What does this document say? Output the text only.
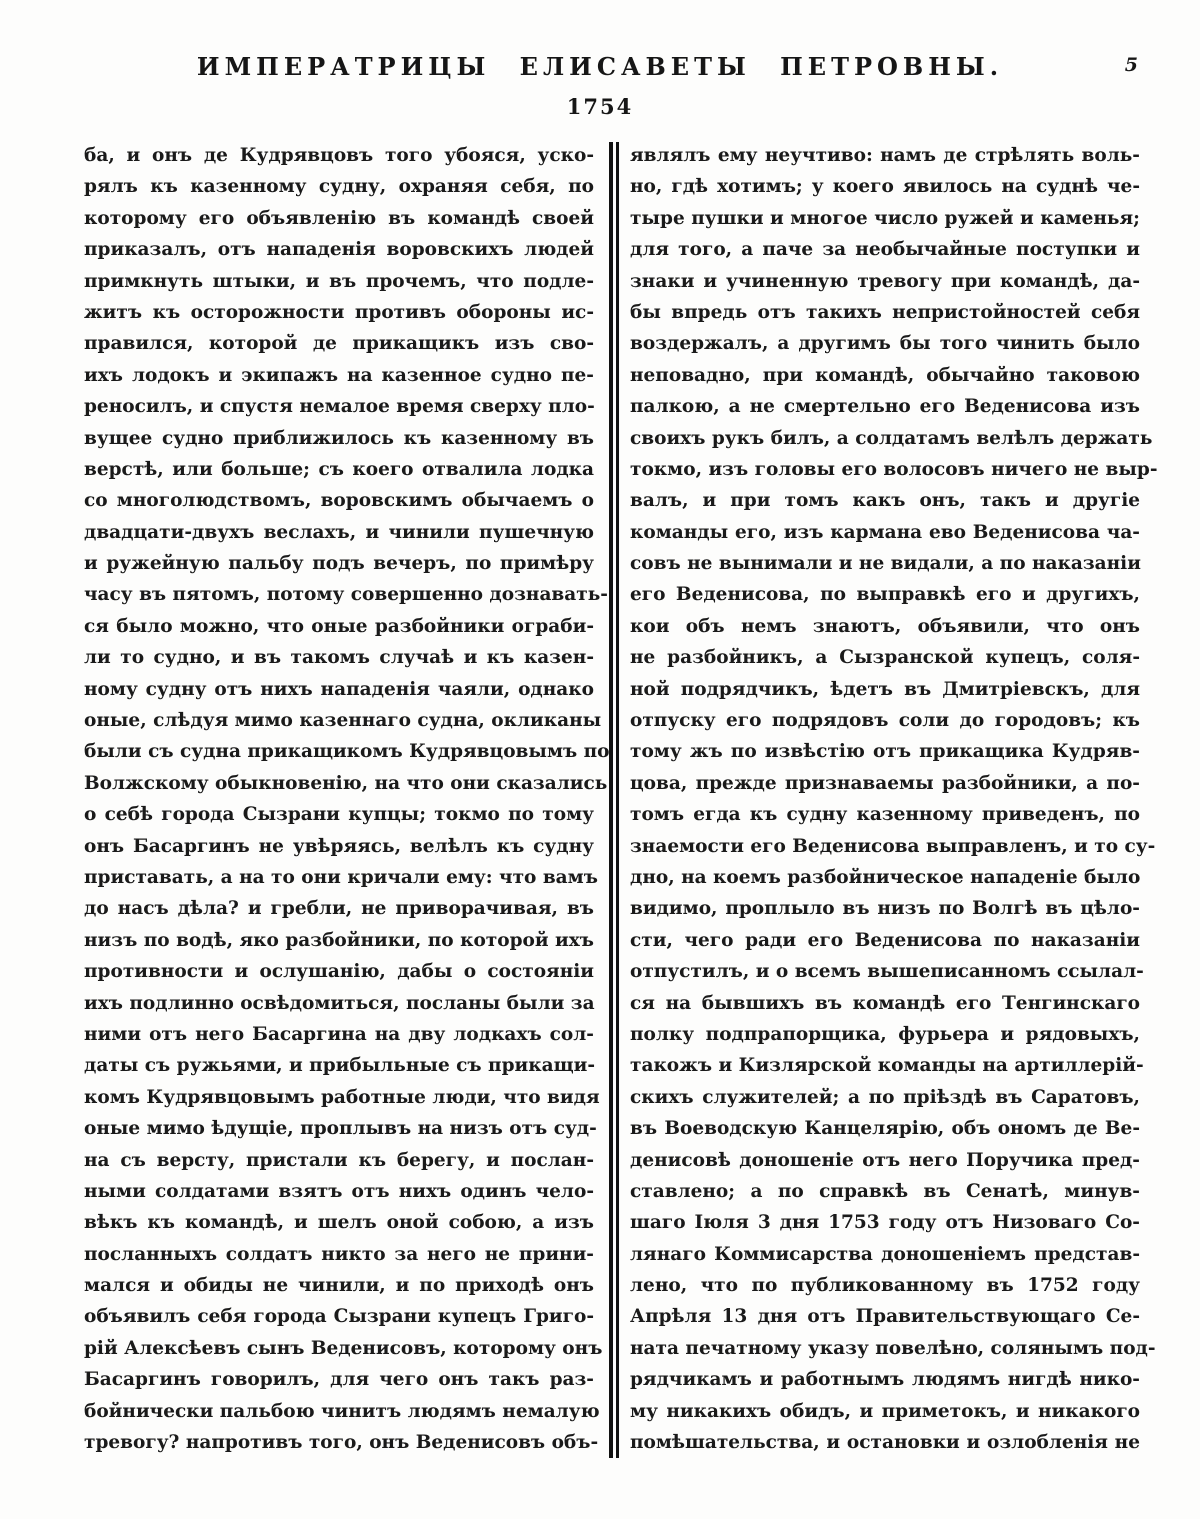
ИМПЕРАТРИЦЫ ЕЛИСАВЕТЫ ПЕТРОВНЫ.	5
1754
ба, и онъ де Кудрявцовъ того убояся, уско-
рялъ къ казенному судну, охраняя себя, по
которому его объявленію въ командѣ своей
приказалъ, отъ нападенія воровскихъ людей
примкнуть штыки, и въ прочемъ, что подле-
житъ къ осторожности противъ обороны ис-
правился, которой де прикащикъ изъ сво-
ихъ лодокъ и экипажъ на казенное судно пе-
реносилъ, и спустя немалое время сверху пло-
вущее судно приближилось къ казенному въ
верстѣ, или больше; съ коего отвалила лодка
со многолюдствомъ, воровскимъ обычаемъ о
двадцати-двухъ веслахъ, и чинили пушечную
и ружейную пальбу подъ вечеръ, по примѣру
часу въ пятомъ, потому совершенно дознавать-
ся было можно, что оные разбойники ограби-
ли то судно, и въ такомъ случаѣ и къ казен-
ному судну отъ нихъ нападенія чаяли, однако
оные, слѣдуя мимо казеннаго судна, окликаны
были съ судна прикащикомъ Кудрявцовымъ по
Волжскому обыкновенію, на что они сказались
о себѣ города Сызрани купцы; токмо по тому
онъ Басаргинъ не увѣряясь, велѣлъ къ судну
приставать, а на то они кричали ему: что вамъ
до насъ дѣла? и гребли, не приворачивая, въ
низъ по водѣ, яко разбойники, по которой ихъ
противности и ослушанію, дабы о состояніи
ихъ подлинно освѣдомиться, посланы были за
ними отъ него Басаргина на дву лодкахъ сол-
даты съ ружьями, и прибыльные съ прикащи-
комъ Кудрявцовымъ работные люди, что видя
оные мимо ѣдущіе, проплывъ на низъ отъ суд-
на съ версту, пристали къ берегу, и послан-
ными солдатами взятъ отъ нихъ одинъ чело-
вѣкъ къ командѣ, и шелъ оной собою, а изъ
посланныхъ солдатъ никто за него не прини-
мался и обиды не чинили, и по приходѣ онъ
объявилъ себя города Сызрани купецъ Григо-
рій Алексѣевъ сынъ Веденисовъ, которому онъ
Басаргинъ говорилъ, для чего онъ такъ раз-
бойнически пальбою чинитъ людямъ немалую
тревогу? напротивъ того, онъ Веденисовъ объ-
являлъ ему неучтиво: намъ де стрѣлять воль-
но, гдѣ хотимъ; у коего явилось на суднѣ че-
тыре пушки и многое число ружей и каменья;
для того, а паче за необычайные поступки и
знаки и учиненную тревогу при командѣ, да-
бы впредь отъ такихъ непристойностей себя
воздержалъ, а другимъ бы того чинить было
неповадно, при командѣ, обычайно таковою
палкою, а не смертельно его Веденисова изъ
своихъ рукъ билъ, а солдатамъ велѣлъ держать
токмо, изъ головы его волосовъ ничего не выр-
валъ, и при томъ какъ онъ, такъ и другіе
команды его, изъ кармана ево Веденисова ча-
совъ не вынимали и не видали, а по наказаніи
его Веденисова, по выправкѣ его и другихъ,
кои объ немъ знаютъ, объявили, что онъ
не разбойникъ, а Сызранской купецъ, соля-
ной подрядчикъ, ѣдетъ въ Дмитріевскъ, для
отпуску его подрядовъ соли до городовъ; къ
тому жъ по извѣстію отъ прикащика Кудряв-
цова, прежде признаваемы разбойники, а по-
томъ егда къ судну казенному приведенъ, по
знаемости его Веденисова выправленъ, и то су-
дно, на коемъ разбойническое нападеніе было
видимо, проплыло въ низъ по Волгѣ въ цѣло-
сти, чего ради его Веденисова по наказаніи
отпустилъ, и о всемъ вышеписанномъ ссылал-
ся на бывшихъ въ командѣ его Тенгинскаго
полку подпрапорщика, фурьера и рядовыхъ,
такожъ и Кизлярской команды на артиллерій-
скихъ служителей; а по пріѣздѣ въ Саратовъ,
въ Воеводскую Канцелярію, объ ономъ де Ве-
денисовѣ доношеніе отъ него Поручика пред-
ставлено; а по справкѣ въ Сенатѣ, минув-
шаго Іюля 3 дня 1753 году отъ Низоваго Со-
лянаго Коммисарства доношеніемъ представ-
лено, что по публикованному въ 1752 году
Апрѣля 13 дня отъ Правительствующаго Се-
ната печатному указу повелѣно, солянымъ под-
рядчикамъ и работнымъ людямъ нигдѣ нико-
му никакихъ обидъ, и приметокъ, и никакого
помѣшательства, и остановки и озлобленія не
